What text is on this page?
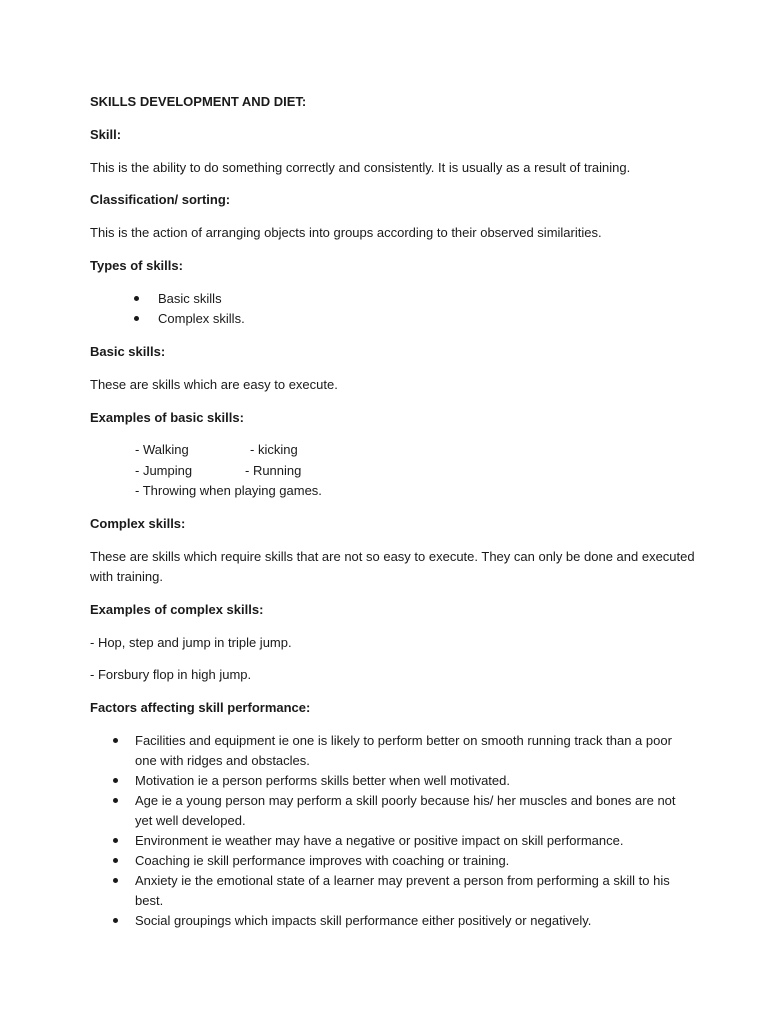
SKILLS DEVELOPMENT AND DIET:
Skill:
This is the ability to do something correctly and consistently. It is usually as a result of training.
Classification/ sorting:
This is the action of arranging objects into groups according to their observed similarities.
Types of skills:
Basic skills
Complex skills.
Basic skills:
These are skills which are easy to execute.
Examples of basic skills:
- Walking	- kicking
- Jumping	- Running
- Throwing when playing games.
Complex skills:
These are skills which require skills that are not so easy to execute. They can only be done and executed
with training.
Examples of complex skills:
- Hop, step and jump in triple jump.
- Forsbury flop in high jump.
Factors affecting skill performance:
Facilities and equipment ie one is likely to perform better on smooth running track than a poor
one with ridges and obstacles.
Motivation ie a person performs skills better when well motivated.
Age ie a young person may perform a skill poorly because his/ her muscles and bones are not
yet well developed.
Environment ie weather may have a negative or positive impact on skill performance.
Coaching ie skill performance improves with coaching or training.
Anxiety ie the emotional state of a learner may prevent a person from performing a skill to his
best.
Social groupings which impacts skill performance either positively or negatively.
